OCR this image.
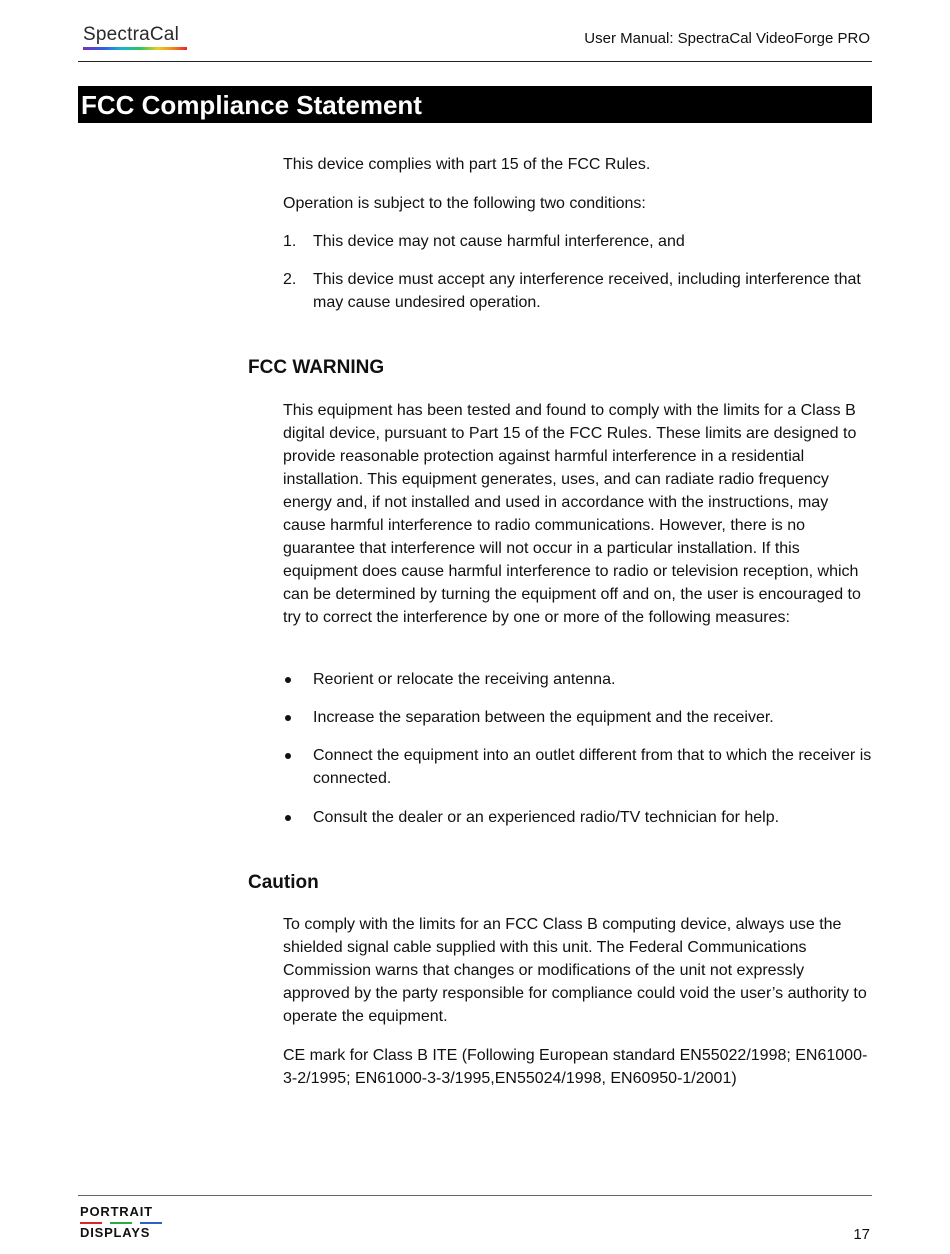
SpectraCal	User Manual: SpectraCal VideoForge PRO
FCC Compliance Statement

This device complies with part 15 of the FCC Rules.

Operation is subject to the following two conditions:

1. This device may not cause harmful interference, and
2. This device must accept any interference received, including interference that may cause undesired operation.
FCC WARNING

This equipment has been tested and found to comply with the limits for a Class B digital device, pursuant to Part 15 of the FCC Rules. These limits are designed to provide reasonable protection against harmful interference in a residential installation. This equipment generates, uses, and can radiate radio frequency energy and, if not installed and used in accordance with the instructions, may cause harmful interference to radio communications. However, there is no guarantee that interference will not occur in a particular installation. If this equipment does cause harmful interference to radio or television reception, which can be determined by turning the equipment off and on, the user is encouraged to try to correct the interference by one or more of the following measures:

Reorient or relocate the receiving antenna.
Increase the separation between the equipment and the receiver.
Connect the equipment into an outlet different from that to which the receiver is connected.
Consult the dealer or an experienced radio/TV technician for help.
Caution

To comply with the limits for an FCC Class B computing device, always use the shielded signal cable supplied with this unit. The Federal Communications Commission warns that changes or modifications of the unit not expressly approved by the party responsible for compliance could void the user’s authority to operate the equipment.

CE mark for Class B ITE (Following European standard EN55022/1998; EN61000-3-2/1995; EN61000-3-3/1995,EN55024/1998, EN60950-1/2001)

PORTRAIT
DISPLAYS	17
